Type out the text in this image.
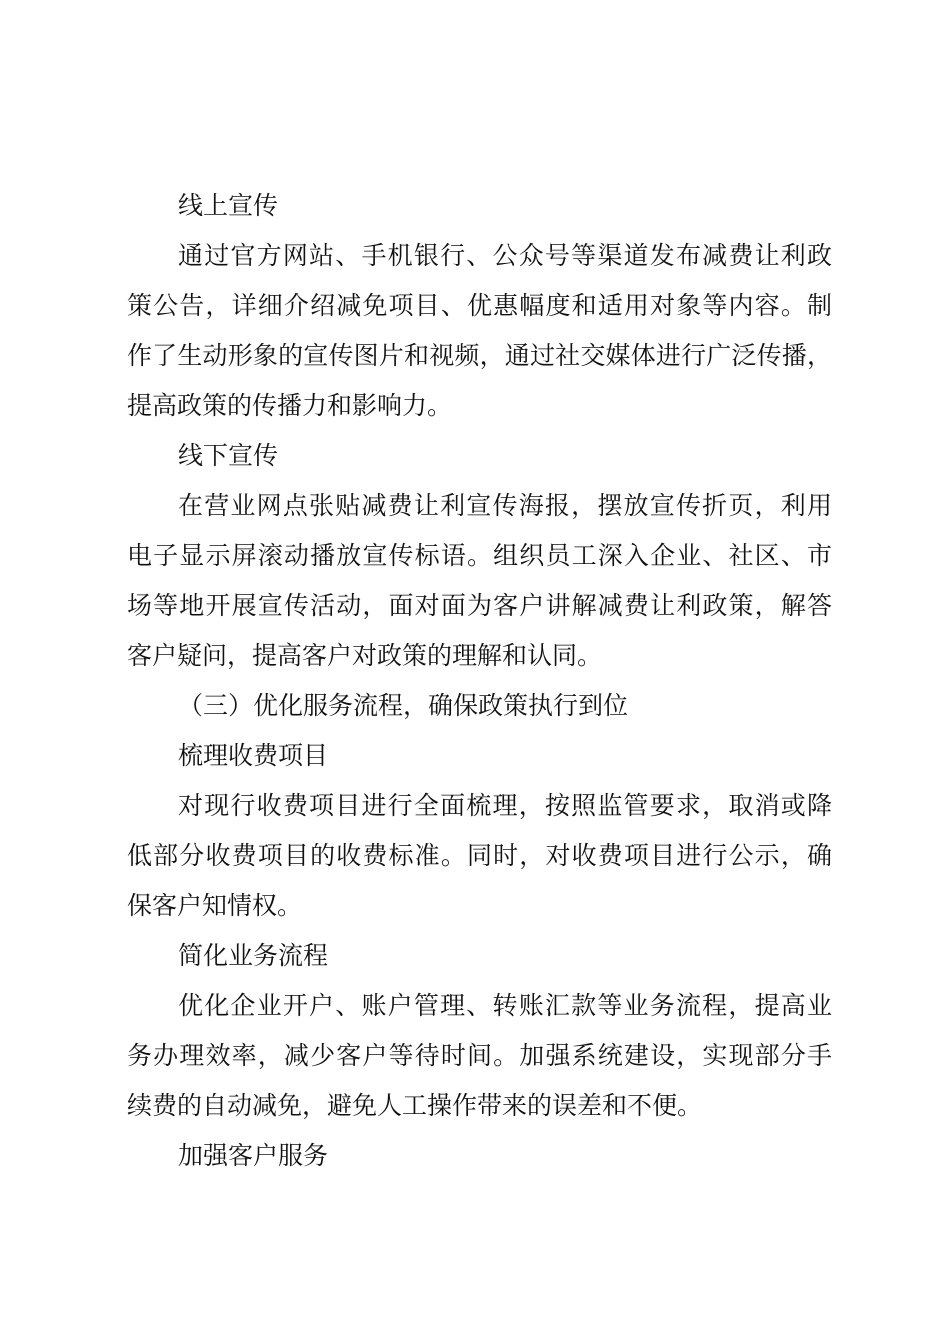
线上宣传
通过官方网站、手机银行、公众号等渠道发布减费让利政
策公告，详细介绍减免项目、优惠幅度和适用对象等内容。制
作了生动形象的宣传图片和视频，通过社交媒体进行广泛传播，
提高政策的传播力和影响力。
线下宣传
在营业网点张贴减费让利宣传海报，摆放宣传折页，利用
电子显示屏滚动播放宣传标语。组织员工深入企业、社区、市
场等地开展宣传活动，面对面为客户讲解减费让利政策，解答
客户疑问，提高客户对政策的理解和认同。
（三）优化服务流程，确保政策执行到位
梳理收费项目
对现行收费项目进行全面梳理，按照监管要求，取消或降
低部分收费项目的收费标准。同时，对收费项目进行公示，确
保客户知情权。
简化业务流程
优化企业开户、账户管理、转账汇款等业务流程，提高业
务办理效率，减少客户等待时间。加强系统建设，实现部分手
续费的自动减免，避免人工操作带来的误差和不便。
加强客户服务
